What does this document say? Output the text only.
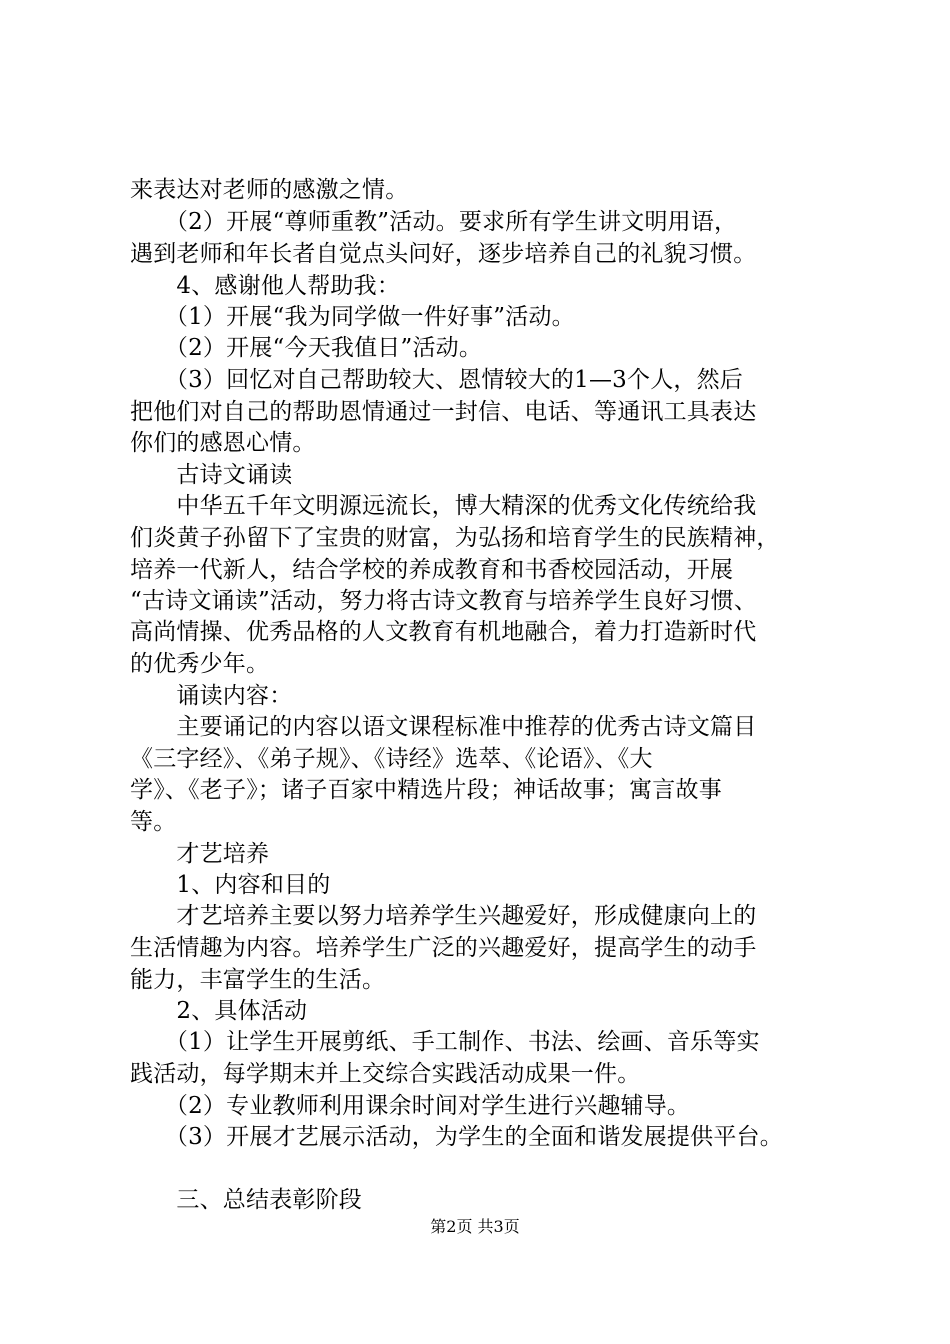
来表达对老师的感激之情。
　　（2）开展“尊师重教”活动。要求所有学生讲文明用语，
遇到老师和年长者自觉点头问好，逐步培养自己的礼貌习惯。
　　4、感谢他人帮助我：
　　（1）开展“我为同学做一件好事”活动。
　　（2）开展“今天我值日”活动。
　　（3）回忆对自己帮助较大、恩情较大的1—3个人，然后
把他们对自己的帮助恩情通过一封信、电话、等通讯工具表达
你们的感恩心情。
　　古诗文诵读
　　中华五千年文明源远流长，博大精深的优秀文化传统给我
们炎黄子孙留下了宝贵的财富，为弘扬和培育学生的民族精神，
培养一代新人，结合学校的养成教育和书香校园活动，开展
“古诗文诵读”活动，努力将古诗文教育与培养学生良好习惯、
高尚情操、优秀品格的人文教育有机地融合，着力打造新时代
的优秀少年。
　　诵读内容：
　　主要诵记的内容以语文课程标准中推荐的优秀古诗文篇目
《三字经》、《弟子规》、《诗经》选萃、《论语》、《大
学》、《老子》；诸子百家中精选片段；神话故事；寓言故事
等。
　　才艺培养
　　1、内容和目的
　　才艺培养主要以努力培养学生兴趣爱好，形成健康向上的
生活情趣为内容。培养学生广泛的兴趣爱好，提高学生的动手
能力，丰富学生的生活。
　　2、具体活动
　　（1）让学生开展剪纸、手工制作、书法、绘画、音乐等实
践活动，每学期末并上交综合实践活动成果一件。
　　（2）专业教师利用课余时间对学生进行兴趣辅导。
　　（3）开展才艺展示活动，为学生的全面和谐发展提供平台。
　　三、总结表彰阶段
第2页 共3页
